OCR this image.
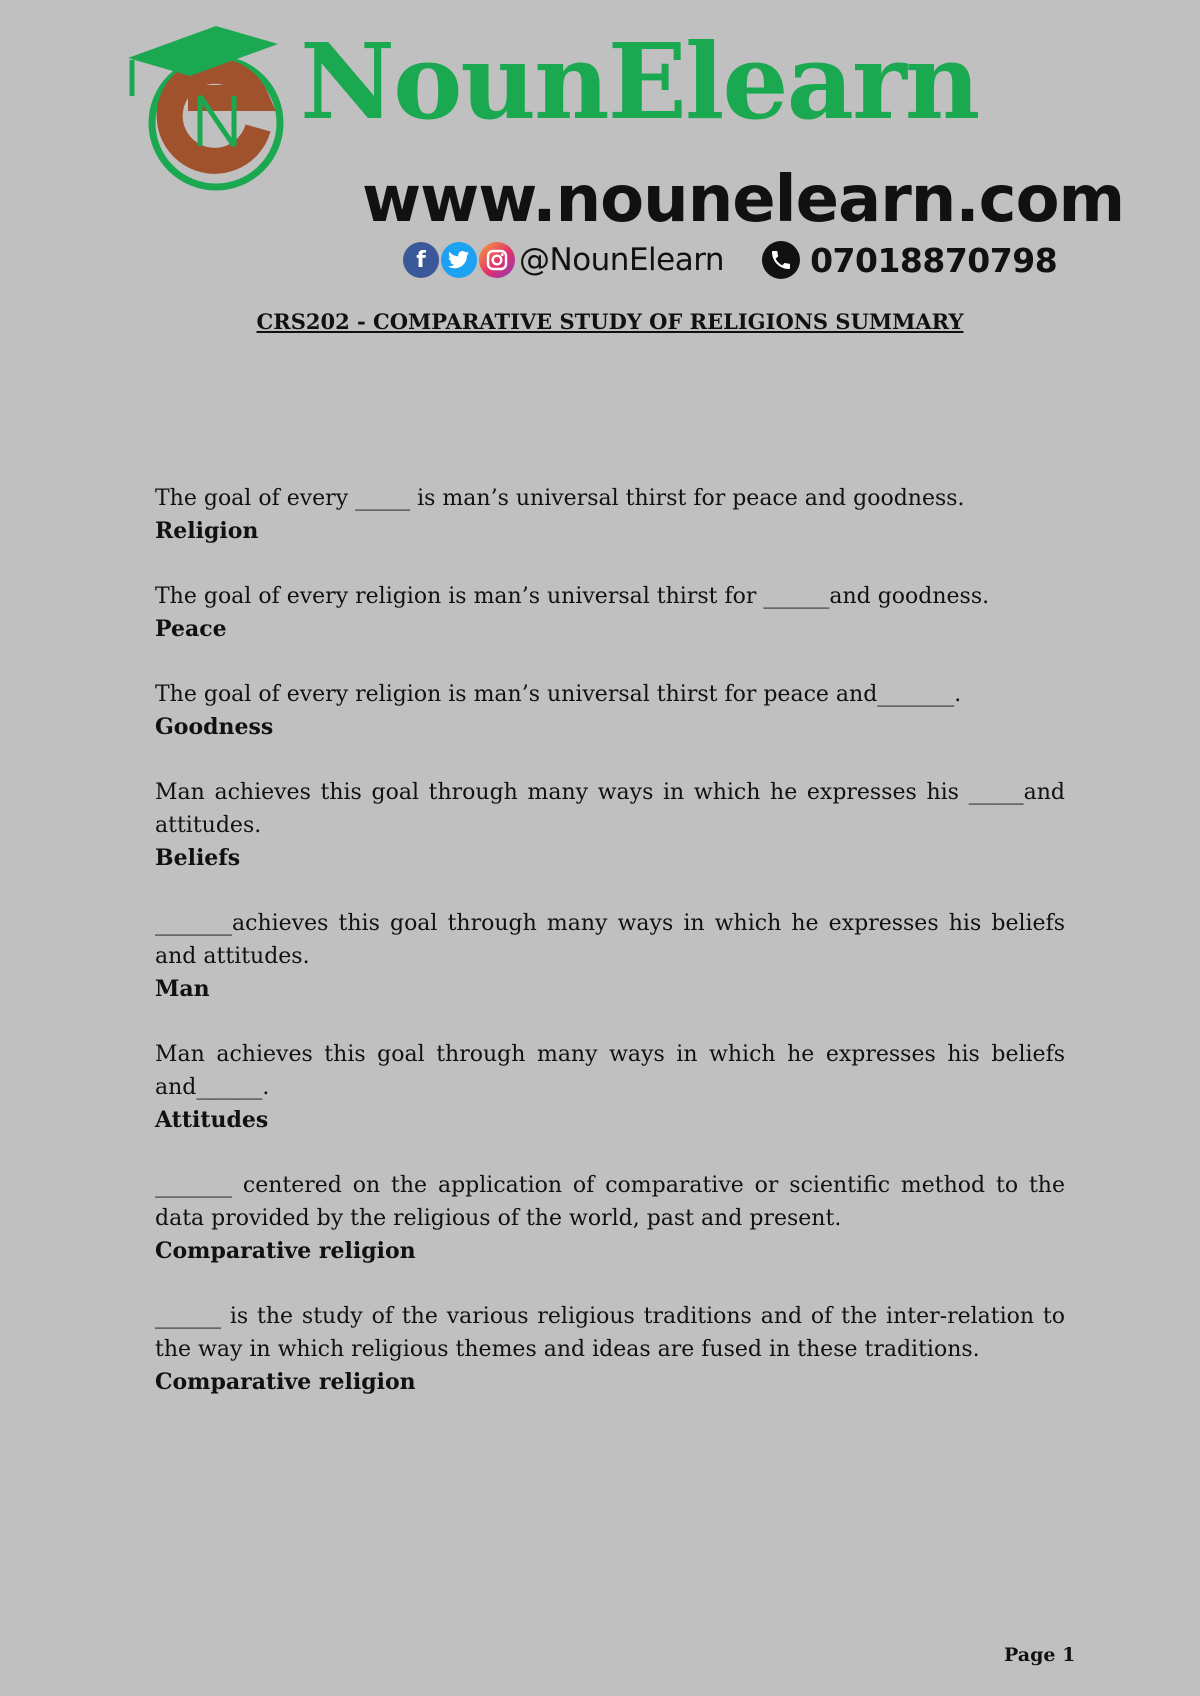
NounElearn
www.nounelearn.com
f	@NounElearn	07018870798
CRS202 - COMPARATIVE STUDY OF RELIGIONS SUMMARY
The goal of every _____ is man’s universal thirst for peace and goodness.
Religion
The goal of every religion is man’s universal thirst for ______and goodness.
Peace
The goal of every religion is man’s universal thirst for peace and_______.
Goodness
Man achieves this goal through many ways in which he expresses his _____and attitudes.
Beliefs
_______achieves this goal through many ways in which he expresses his beliefs and attitudes.
Man
Man achieves this goal through many ways in which he expresses his beliefs and______.
Attitudes
_______ centered on the application of comparative or scientific method to the data provided by the religious of the world, past and present.
Comparative religion
______ is the study of the various religious traditions and of the inter-relation to the way in which religious themes and ideas are fused in these traditions.
Comparative religion
Page 1
